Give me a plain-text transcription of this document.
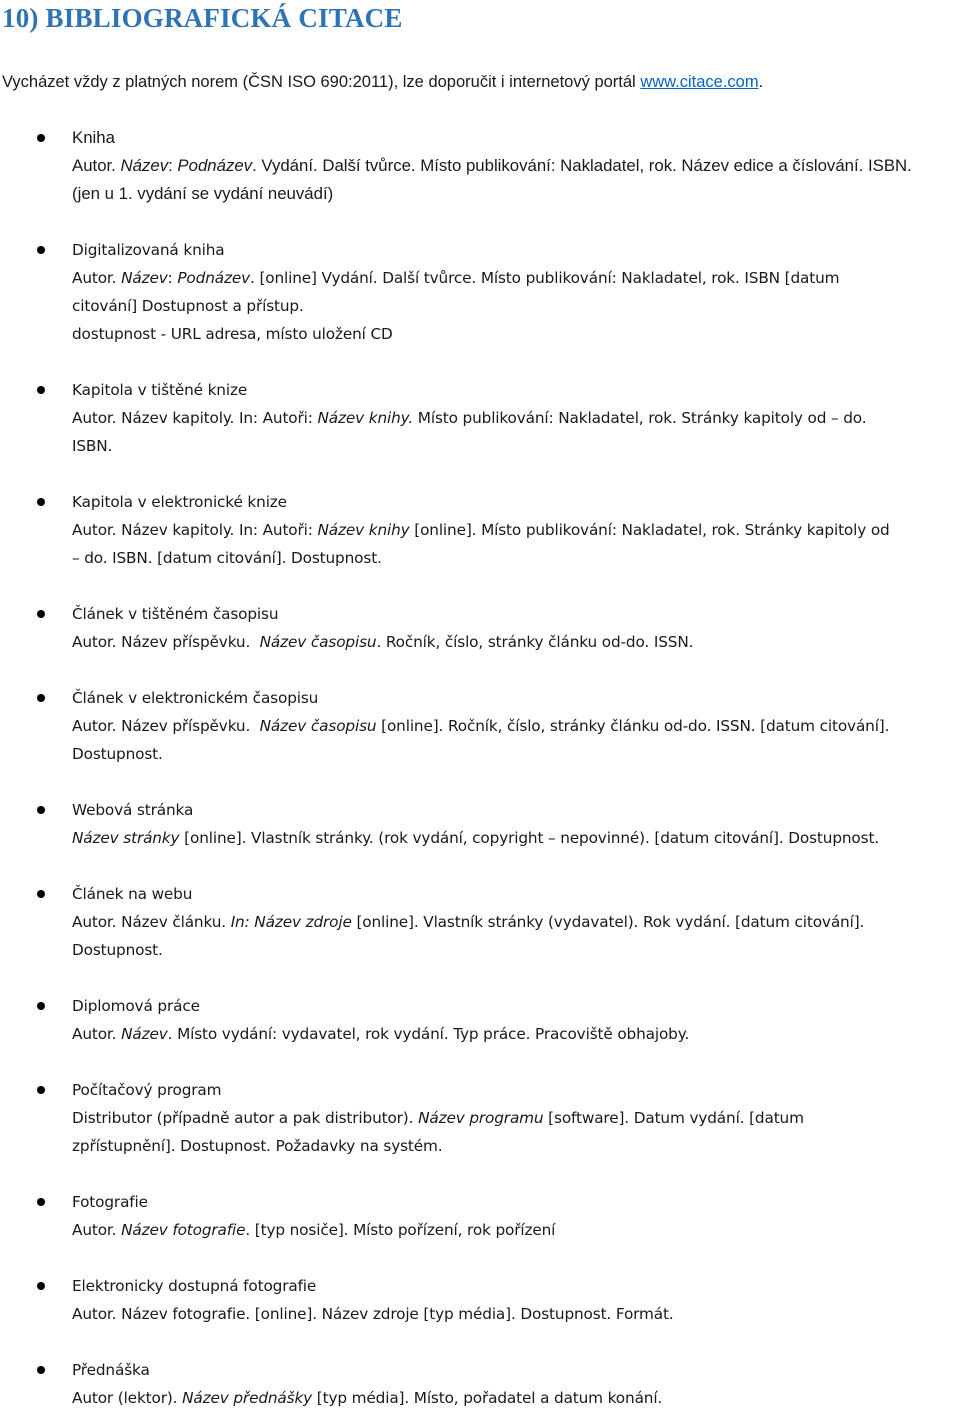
10) BIBLIOGRAFICKÁ CITACE

Vycházet vždy z platných norem (ČSN ISO 690:2011), lze doporučit i internetový portál www.citace.com.

Kniha

Autor. Název: Podnázev. Vydání. Další tvůrce. Místo publikování: Nakladatel, rok. Název edice a číslování. ISBN.

(jen u 1. vydání se vydání neuvádí)

Digitalizovaná kniha

Autor. Název: Podnázev. [online] Vydání. Další tvůrce. Místo publikování: Nakladatel, rok. ISBN [datum

citování] Dostupnost a přístup.

dostupnost - URL adresa, místo uložení CD

Kapitola v tištěné knize

Autor. Název kapitoly. In: Autoři: Název knihy. Místo publikování: Nakladatel, rok. Stránky kapitoly od – do.

ISBN.

Kapitola v elektronické knize

Autor. Název kapitoly. In: Autoři: Název knihy [online]. Místo publikování: Nakladatel, rok. Stránky kapitoly od

– do. ISBN. [datum citování]. Dostupnost.

Článek v tištěném časopisu

Autor. Název příspěvku.  Název časopisu. Ročník, číslo, stránky článku od-do. ISSN.

Článek v elektronickém časopisu

Autor. Název příspěvku.  Název časopisu [online]. Ročník, číslo, stránky článku od-do. ISSN. [datum citování].

Dostupnost.

Webová stránka

Název stránky [online]. Vlastník stránky. (rok vydání, copyright – nepovinné). [datum citování]. Dostupnost.

Článek na webu

Autor. Název článku. In: Název zdroje [online]. Vlastník stránky (vydavatel). Rok vydání. [datum citování].

Dostupnost.

Diplomová práce

Autor. Název. Místo vydání: vydavatel, rok vydání. Typ práce. Pracoviště obhajoby.

Počítačový program

Distributor (případně autor a pak distributor). Název programu [software]. Datum vydání. [datum

zpřístupnění]. Dostupnost. Požadavky na systém.

Fotografie

Autor. Název fotografie. [typ nosiče]. Místo pořízení, rok pořízení

Elektronicky dostupná fotografie

Autor. Název fotografie. [online]. Název zdroje [typ média]. Dostupnost. Formát.

Přednáška

Autor (lektor). Název přednášky [typ média]. Místo, pořadatel a datum konání.
